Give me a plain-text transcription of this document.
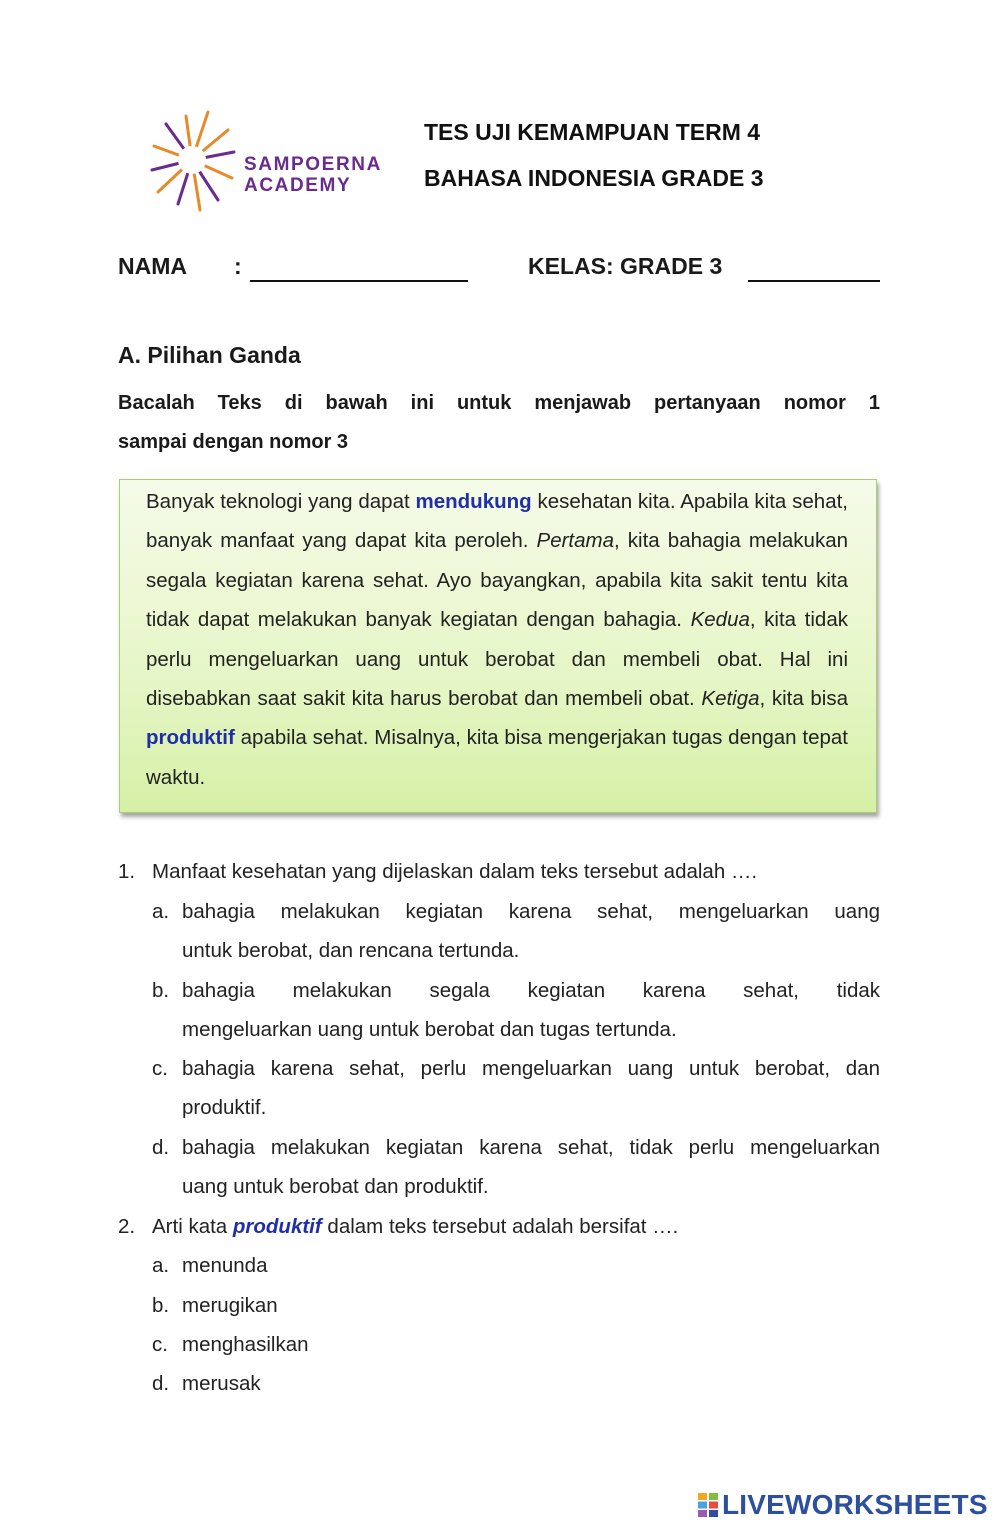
SAMPOERNA
ACADEMY
TES UJI KEMAMPUAN TERM 4
BAHASA INDONESIA GRADE 3
NAMA :	KELAS: GRADE 3
A. Pilihan Ganda
Bacalah Teks di bawah ini untuk menjawab pertanyaan nomor 1
sampai dengan nomor 3
Banyak teknologi yang dapat mendukung kesehatan kita. Apabila kita sehat, banyak manfaat yang dapat kita peroleh. Pertama, kita bahagia melakukan segala kegiatan karena sehat. Ayo bayangkan, apabila kita sakit tentu kita tidak dapat melakukan banyak kegiatan dengan bahagia. Kedua, kita tidak perlu mengeluarkan uang untuk berobat dan membeli obat. Hal ini disebabkan saat sakit kita harus berobat dan membeli obat. Ketiga, kita bisa produktif apabila sehat. Misalnya, kita bisa mengerjakan tugas dengan tepat waktu.
1. Manfaat kesehatan yang dijelaskan dalam teks tersebut adalah ….
a. bahagia melakukan kegiatan karena sehat, mengeluarkan uang
untuk berobat, dan rencana tertunda.
b. bahagia melakukan segala kegiatan karena sehat, tidak
mengeluarkan uang untuk berobat dan tugas tertunda.
c. bahagia karena sehat, perlu mengeluarkan uang untuk berobat, dan
produktif.
d. bahagia melakukan kegiatan karena sehat, tidak perlu mengeluarkan
uang untuk berobat dan produktif.
2. Arti kata produktif dalam teks tersebut adalah bersifat ….
a. menunda
b. merugikan
c. menghasilkan
d. merusak
LIVEWORKSHEETS
